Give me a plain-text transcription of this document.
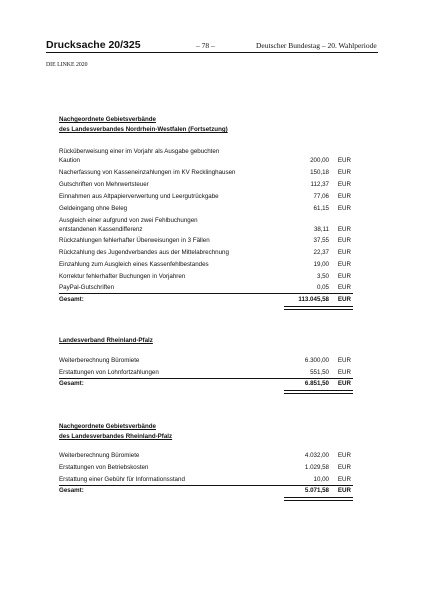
Drucksache 20/325	– 78 –	Deutscher Bundestag – 20. Wahlperiode
DIE LINKE 2020
Nachgeordnete Gebietsverbände
des Landesverbandes Nordrhein-Westfalen (Fortsetzung)
Rücküberweisung einer im Vorjahr als Ausgabe gebuchten
Kaution	200,00 EUR
Nacherfassung von Kasseneinzahlungen im KV Recklinghausen	150,18 EUR
Gutschriften von Mehrwertsteuer	112,37 EUR
Einnahmen aus Altpapierverwertung und Leergutrückgabe	77,06 EUR
Geldeingang ohne Beleg	61,15 EUR
Ausgleich einer aufgrund von zwei Fehlbuchungen
entstandenen Kassendifferenz	38,11 EUR
Rückzahlungen fehlerhafter Überweisungen in 3 Fällen	37,55 EUR
Rückzahlung des Jugendverbandes aus der Mittelabrechnung	22,37 EUR
Einzahlung zum Ausgleich eines Kassenfehlbestandes	19,00 EUR
Korrektur fehlerhafter Buchungen in Vorjahren	3,50 EUR
PayPal-Gutschriften	0,05 EUR
Gesamt:	113.045,58 EUR
Landesverband Rheinland-Pfalz
Weiterberechnung Büromiete	6.300,00 EUR
Erstattungen von Lohnfortzahlungen	551,50 EUR
Gesamt:	6.851,50 EUR
Nachgeordnete Gebietsverbände
des Landesverbandes Rheinland-Pfalz
Weiterberechnung Büromiete	4.032,00 EUR
Erstattungen von Betriebskosten	1.029,58 EUR
Erstattung einer Gebühr für Informationsstand	10,00 EUR
Gesamt:	5.071,58 EUR
